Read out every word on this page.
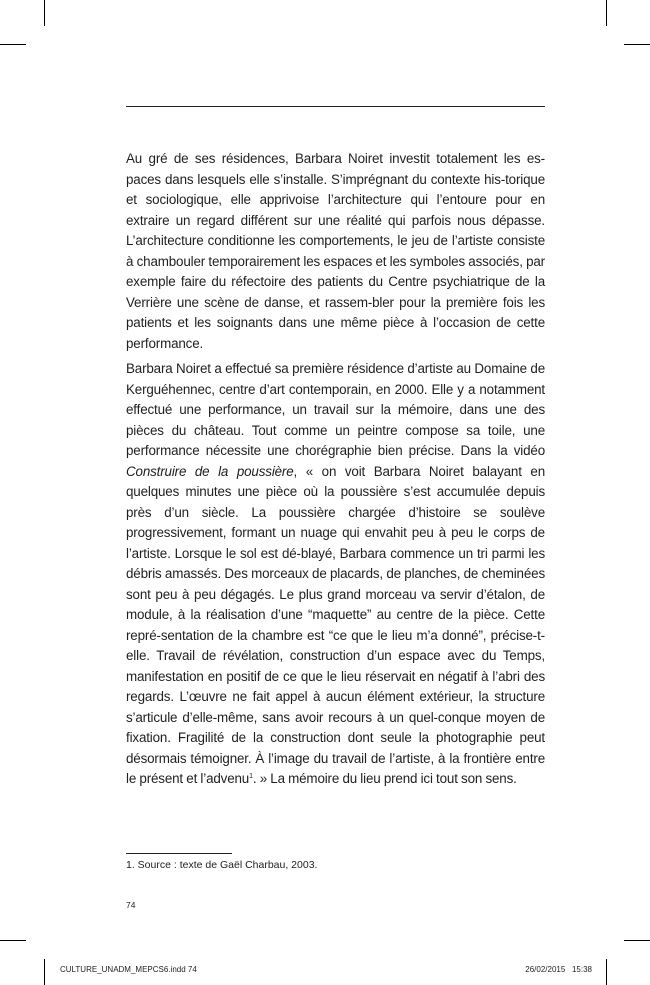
Au gré de ses résidences, Barbara Noiret investit totalement les es-paces dans lesquels elle s’installe. S’imprégnant du contexte his-torique et sociologique, elle apprivoise l’architecture qui l’entoure pour en extraire un regard différent sur une réalité qui parfois nous dépasse. L’architecture conditionne les comportements, le jeu de l’artiste consiste à chambouler temporairement les espaces et les symboles associés, par exemple faire du réfectoire des patients du Centre psychiatrique de la Verrière une scène de danse, et rassem-bler pour la première fois les patients et les soignants dans une même pièce à l’occasion de cette performance.

Barbara Noiret a effectué sa première résidence d’artiste au Domaine de Kerguéhennec, centre d’art contemporain, en 2000. Elle y a notamment effectué une performance, un travail sur la mémoire, dans une des pièces du château. Tout comme un peintre compose sa toile, une performance nécessite une chorégraphie bien précise. Dans la vidéo Construire de la poussière, « on voit Barbara Noiret balayant en quelques minutes une pièce où la poussière s’est accumulée depuis près d’un siècle. La poussière chargée d’histoire se soulève progressivement, formant un nuage qui envahit peu à peu le corps de l’artiste. Lorsque le sol est dé-blayé, Barbara commence un tri parmi les débris amassés. Des morceaux de placards, de planches, de cheminées sont peu à peu dégagés. Le plus grand morceau va servir d’étalon, de module, à la réalisation d’une “maquette” au centre de la pièce. Cette repré-sentation de la chambre est “ce que le lieu m’a donné”, précise-t-elle. Travail de révélation, construction d’un espace avec du Temps, manifestation en positif de ce que le lieu réservait en négatif à l’abri des regards. L’œuvre ne fait appel à aucun élément extérieur, la structure s’articule d’elle-même, sans avoir recours à un quel-conque moyen de fixation. Fragilité de la construction dont seule la photographie peut désormais témoigner. À l’image du travail de l’artiste, à la frontière entre le présent et l’advenu$^1$. » La mémoire du lieu prend ici tout son sens.

1. Source : texte de Gaël Charbau, 2003.
74
CULTURE_UNADM_MEPCS6.indd 74	26/02/2015   15:38
